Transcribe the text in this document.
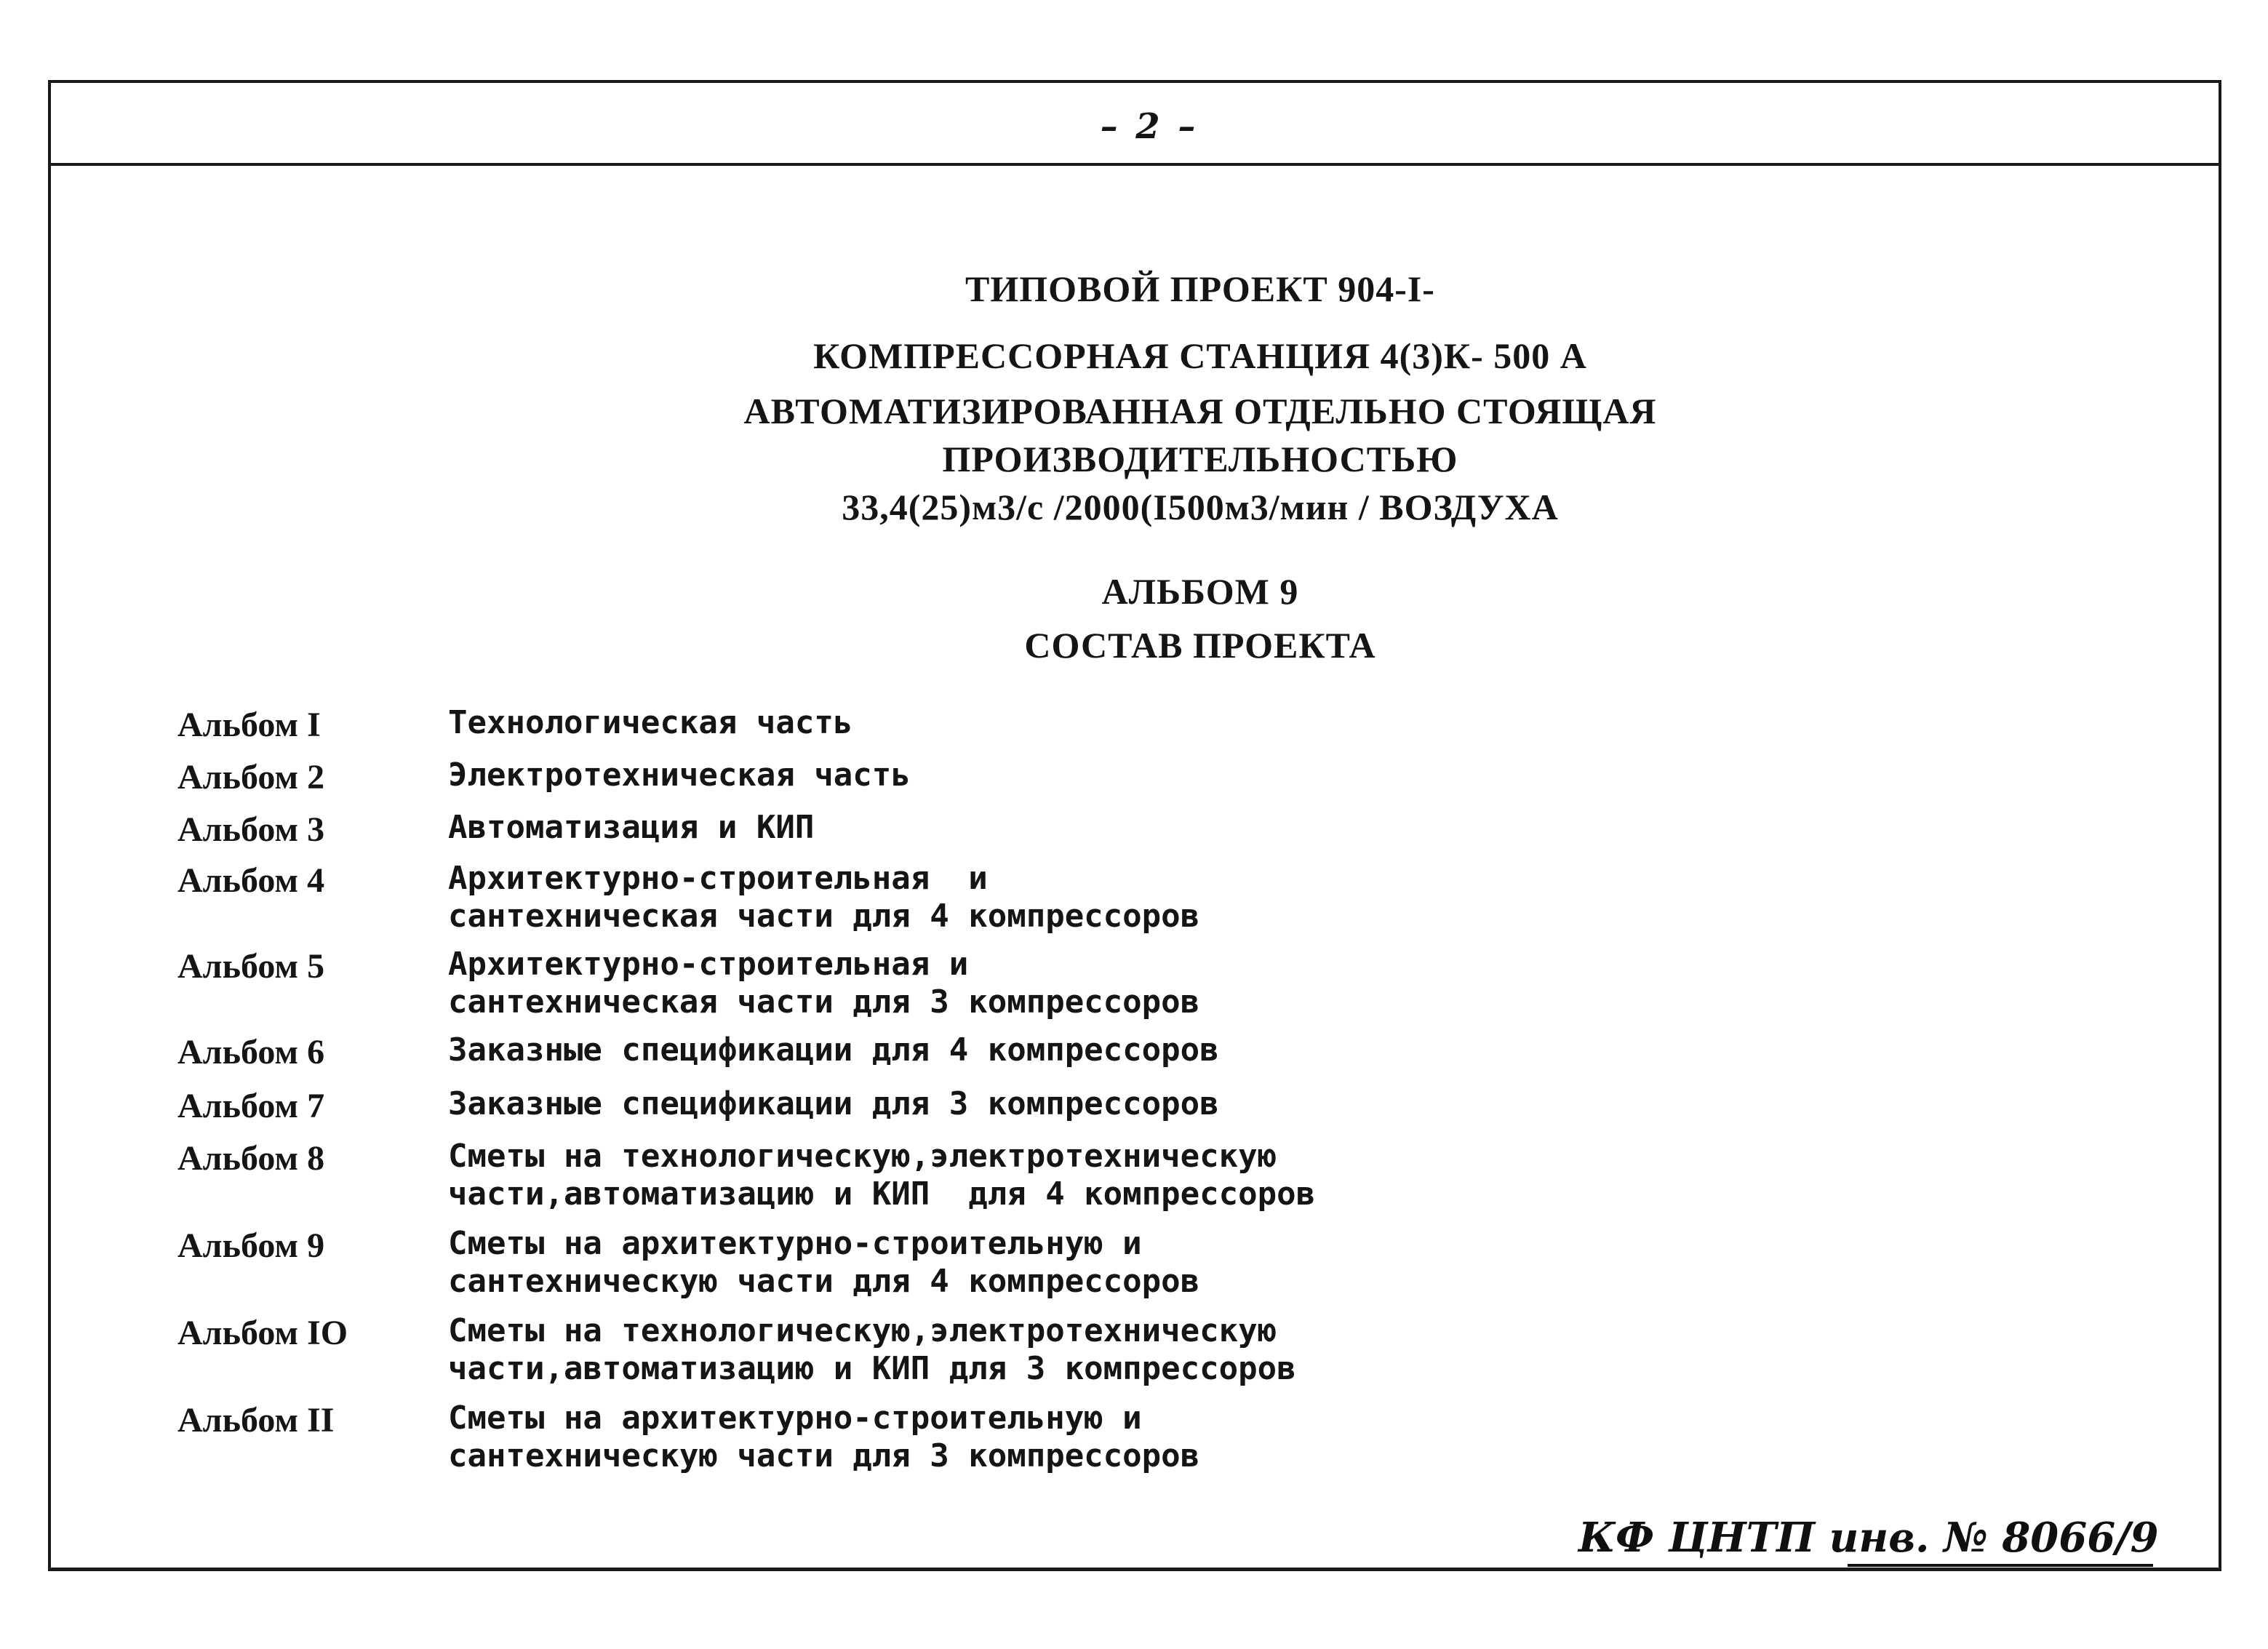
– 2 –
ТИПОВОЙ ПРОЕКТ 904-I-
КОМПРЕССОРНАЯ СТАНЦИЯ 4(3)К- 500 А
АВТОМАТИЗИРОВАННАЯ ОТДЕЛЬНО СТОЯЩАЯ
ПРОИЗВОДИТЕЛЬНОСТЬЮ
33,4(25)м3/с /2000(I500м3/мин / ВОЗДУХА
АЛЬБОМ 9
СОСТАВ ПРОЕКТА
Альбом I	Технологическая часть
Альбом 2	Электротехническая часть
Альбом 3	Автоматизация и КИП
Альбом 4	Архитектурно-строительная  и
сантехническая части для 4 компрессоров
Альбом 5	Архитектурно-строительная и
сантехническая части для 3 компрессоров
Альбом 6	Заказные спецификации для 4 компрессоров
Альбом 7	Заказные спецификации для 3 компрессоров
Альбом 8	Сметы на технологическую,электротехническую
части,автоматизацию и КИП  для 4 компрессоров
Альбом 9	Сметы на архитектурно-строительную и
сантехническую части для 4 компрессоров
Альбом IO	Сметы на технологическую,электротехническую
части,автоматизацию и КИП для 3 компрессоров
Альбом II	Сметы на архитектурно-строительную и
сантехническую части для 3 компрессоров
КФ ЦНТП инв. № 8066/9
